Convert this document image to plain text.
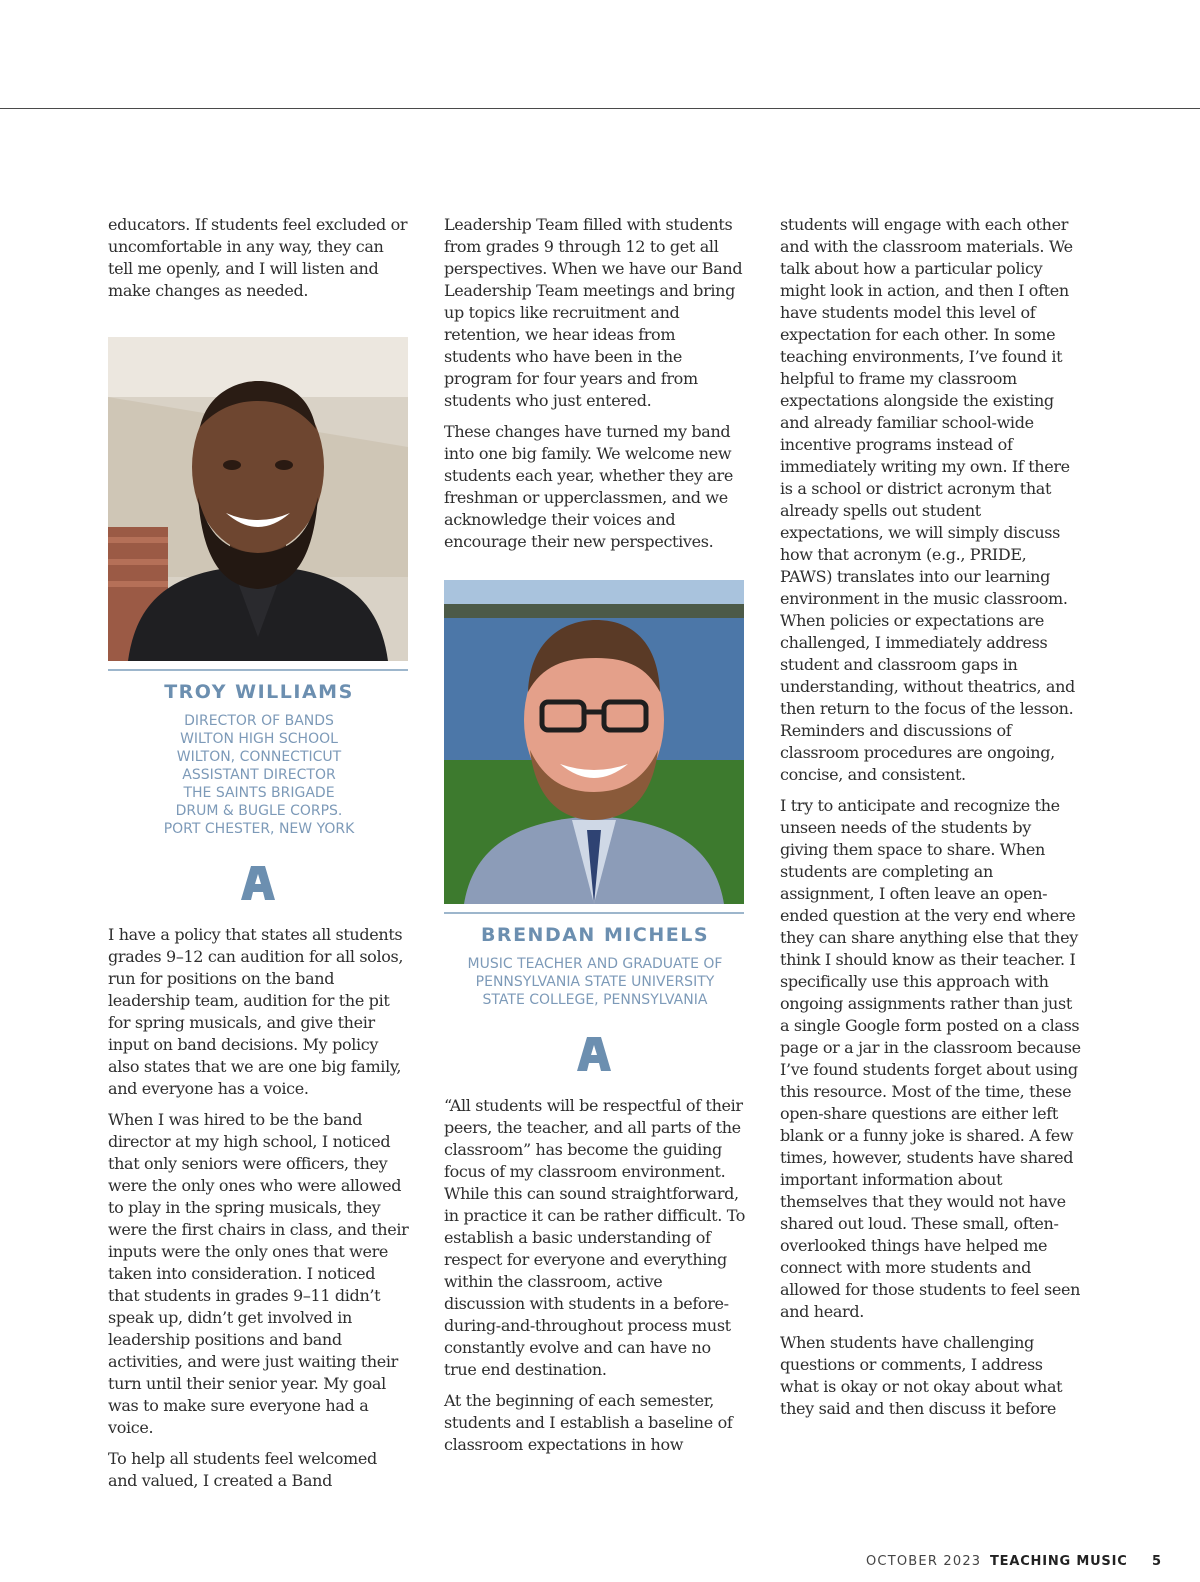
educators. If students feel excluded or uncomfortable in any way, they can tell me openly, and I will listen and make changes as needed.

TROY WILLIAMS
DIRECTOR OF BANDS
WILTON HIGH SCHOOL
WILTON, CONNECTICUT
ASSISTANT DIRECTOR
THE SAINTS BRIGADE
DRUM & BUGLE CORPS.
PORT CHESTER, NEW YORK

I have a policy that states all students grades 9–12 can audition for all solos, run for positions on the band leadership team, audition for the pit for spring musicals, and give their input on band decisions. My policy also states that we are one big family, and everyone has a voice.

When I was hired to be the band director at my high school, I noticed that only seniors were officers, they were the only ones who were allowed to play in the spring musicals, they were the first chairs in class, and their inputs were the only ones that were taken into consideration. I noticed that students in grades 9–11 didn’t speak up, didn’t get involved in leadership positions and band activities, and were just waiting their turn until their senior year. My goal was to make sure everyone had a voice.

To help all students feel welcomed and valued, I created a Band

Leadership Team filled with students from grades 9 through 12 to get all perspectives. When we have our Band Leadership Team meetings and bring up topics like recruitment and retention, we hear ideas from students who have been in the program for four years and from students who just entered.

These changes have turned my band into one big family. We welcome new students each year, whether they are freshman or upperclassmen, and we acknowledge their voices and encourage their new perspectives.

BRENDAN MICHELS
MUSIC TEACHER AND GRADUATE OF
PENNSYLVANIA STATE UNIVERSITY
STATE COLLEGE, PENNSYLVANIA

“All students will be respectful of their peers, the teacher, and all parts of the classroom” has become the guiding focus of my classroom environment. While this can sound straightforward, in practice it can be rather difficult. To establish a basic understanding of respect for everyone and everything within the classroom, active discussion with students in a before-during-and-throughout process must constantly evolve and can have no true end destination.

At the beginning of each semester, students and I establish a baseline of classroom expectations in how

students will engage with each other and with the classroom materials. We talk about how a particular policy might look in action, and then I often have students model this level of expectation for each other. In some teaching environments, I’ve found it helpful to frame my classroom expectations alongside the existing and already familiar school-wide incentive programs instead of immediately writing my own. If there is a school or district acronym that already spells out student expectations, we will simply discuss how that acronym (e.g., PRIDE, PAWS) translates into our learning environment in the music classroom. When policies or expectations are challenged, I immediately address student and classroom gaps in understanding, without theatrics, and then return to the focus of the lesson. Reminders and discussions of classroom procedures are ongoing, concise, and consistent.

I try to anticipate and recognize the unseen needs of the students by giving them space to share. When students are completing an assignment, I often leave an open-ended question at the very end where they can share anything else that they think I should know as their teacher. I specifically use this approach with ongoing assignments rather than just a single Google form posted on a class page or a jar in the classroom because I’ve found students forget about using this resource. Most of the time, these open-share questions are either left blank or a funny joke is shared. A few times, however, students have shared important information about themselves that they would not have shared out loud. These small, often-overlooked things have helped me connect with more students and allowed for those students to feel seen and heard.

When students have challenging questions or comments, I address what is okay or not okay about what they said and then discuss it before

OCTOBER 2023 TEACHING MUSIC 5
